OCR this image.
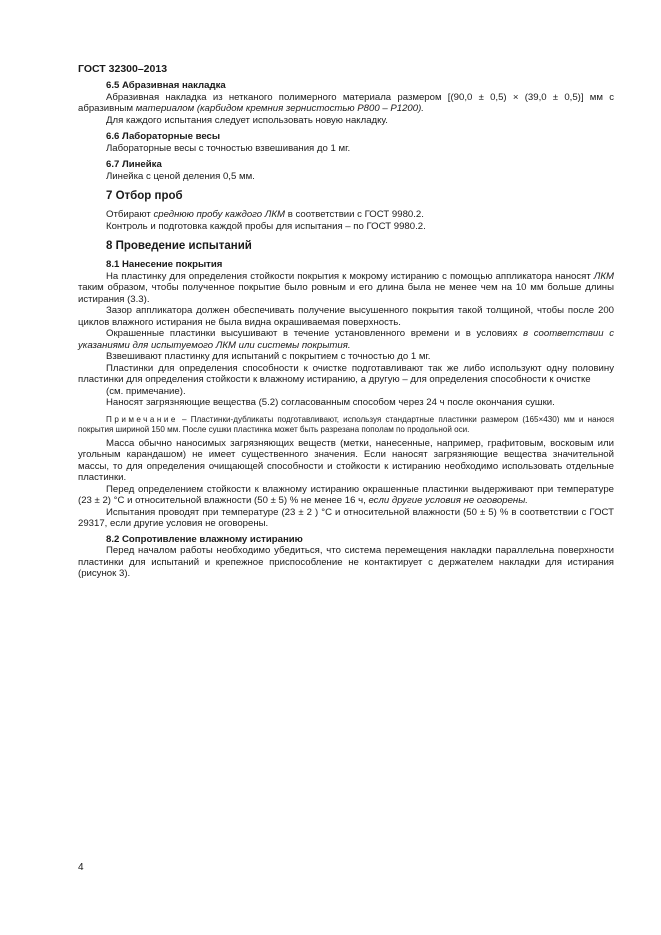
ГОСТ 32300–2013

6.5 Абразивная накладка

Абразивная накладка из нетканого полимерного материала размером [(90,0 ± 0,5) × (39,0 ± 0,5)] мм с абразивным материалом (карбидом кремния зернистостью Р800 – Р1200).

Для каждого испытания следует использовать новую накладку.

6.6 Лабораторные весы

Лабораторные весы с точностью взвешивания до 1 мг.

6.7 Линейка

Линейка с ценой деления 0,5 мм.

7 Отбор проб

Отбирают среднюю пробу каждого ЛКМ в соответствии с ГОСТ 9980.2.

Контроль и подготовка каждой пробы для испытания – по ГОСТ 9980.2.

8 Проведение испытаний

8.1 Нанесение покрытия

На пластинку для определения стойкости покрытия к мокрому истиранию с помощью аппликатора наносят ЛКМ таким образом, чтобы полученное покрытие было ровным и его длина была не менее чем на 10 мм больше длины истирания (3.3).

Зазор аппликатора должен обеспечивать получение высушенного покрытия такой толщиной, чтобы после 200 циклов влажного истирания не была видна окрашиваемая поверхность.

Окрашенные пластинки высушивают в течение установленного времени и в условиях в соответствии с указаниями для испытуемого ЛКМ или системы покрытия.

Взвешивают пластинку для испытаний с покрытием с точностью до 1 мг.

Пластинки для определения способности к очистке подготавливают так же либо используют одну половину пластинки для определения стойкости к влажному истиранию, а другую – для определения способности к очистке

(см. примечание).

Наносят загрязняющие вещества (5.2) согласованным способом через 24 ч после окончания сушки.

Примечание – Пластинки-дубликаты подготавливают, используя стандартные пластинки размером (165×430) мм и нанося покрытия шириной 150 мм. После сушки пластинка может быть разрезана пополам по продольной оси.

Масса обычно наносимых загрязняющих веществ (метки, нанесенные, например, графитовым, восковым или угольным карандашом) не имеет существенного значения. Если наносят загрязняющие вещества значительной массы, то для определения очищающей способности и стойкости к истиранию необходимо использовать отдельные пластинки.

Перед определением стойкости к влажному истиранию окрашенные пластинки выдерживают при температуре (23 ± 2) °С и относительной влажности (50 ± 5) % не менее 16 ч, если другие условия не оговорены.

Испытания проводят при температуре (23 ± 2 ) °С и относительной влажности (50 ± 5) % в соответствии с ГОСТ 29317, если другие условия не оговорены.

8.2 Сопротивление влажному истиранию

Перед началом работы необходимо убедиться, что система перемещения накладки параллельна поверхности пластинки для испытаний и крепежное приспособление не контактирует с держателем накладки для истирания (рисунок 3).

4
